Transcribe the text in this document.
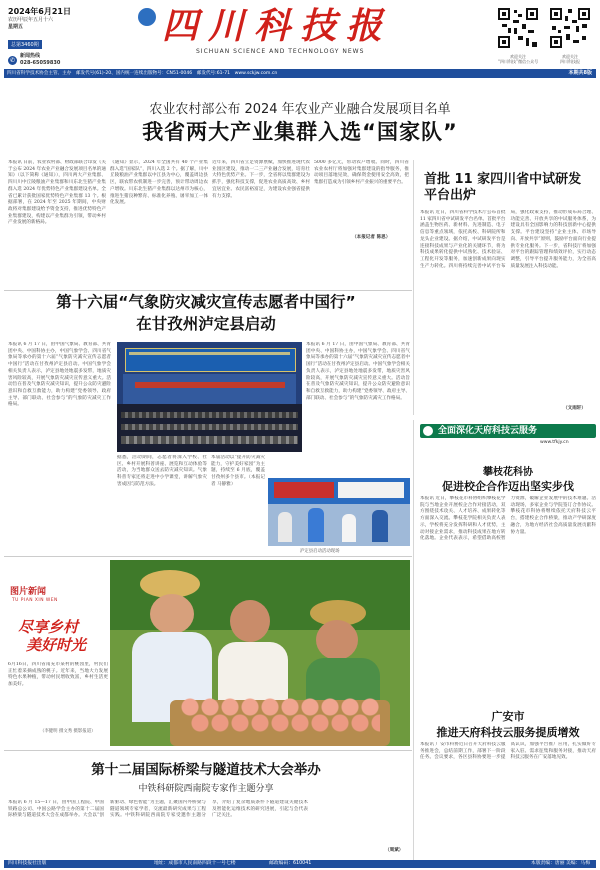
2024年6月21日
农历甲辰年五月十六
星期五
总第3460期
✆
新闻热线
028-65059830
四川科技报
SICHUAN SCIENCE AND TECHNOLOGY NEWS
欢迎关注
“四川科技”微信公众号
欢迎关注
四川科技报
四川省科学技术协会主管、主办　邮发代号(61)-20、国内统一连续出版物号：CN51-0046　邮发代号:61-71　www.sckjw.com.cn	本期共8版
农业农村部公布 2024 年农业产业融合发展项目名单
我省两大产业集群入选“国家队”
本报讯 日前，农业农村部、财政部联合印发《关于公布 2024 年农业产业融合发展项目名单的通知》（以下简称《通知》），四川两大产业集群、四川川中丘陵粮油产业集群和川东北生猪产业集群入选 2024 年优势特色产业集群建设名单。全省已累计获批国家优势特色产业集群 13 个。根据部署，在 2024 年至 2025 年期间，中央财政将对集群建设给予资金支持，推进优势特色产业集群建设，构建以产业集群为引领，带动乡村产业发展的新格局。
《通知》显示，2024 年全国共有 40 个产业集群入选“国家队”，四川入选 2 个。据了解，川中丘陵粮油产业集群以中江县为中心，覆盖周边县区，联农带农机制进一步完善，预计带动周边农户增收。川东北生猪产业集群以达州市为核心，推进生猪良种繁育、标准化养殖、屠宰加工一体化发展。
近年来，四川省立足资源禀赋，加快推进现代农业园区建设，推动一二三产业融合发展，培育壮大特色优势产业。下一步，全省将以集群建设为抓手，强化科技支撑，促进农业高质高效、乡村宜居宜业、农民富裕富足，为建设农业强省提供有力支撑。
5000 多亿元，带动农户增收。同时，四川省农业农村厅将加强对集群建设的指导服务，推动项目落地见效，确保资金使用安全高效，把集群打造成为引领乡村产业振兴的重要平台。
（本报记者 陈思）
首批 11 家四川省中试研发平台出炉
本报讯 近日，四川省科学技术厅公布首批 11 家四川省中试研发平台名单。首批平台涵盖生物医药、新材料、先进制造、电子信息等重点领域，依托高校、科研院所和龙头企业建设。据介绍，中试研发平台是连接科技成果与产业化的关键环节，将为科技成果转化提供中试熟化、技术验证、工程化开发等服务，加速创新成果向现实生产力转化。四川将持续完善中试平台布局，强化政策支持，推动形成布局合理、功能完善、开放共享的中试服务体系，为建设具有全国影响力的科技创新中心提供支撑。平台建设坚持“企业主体、市场导向、开放共享”原则，鼓励平台面向行业提供专业化服务。下一步，省科技厅将加强对平台的跟踪管理和绩效评价，实行动态调整，引导平台提升服务能力，为全省高质量发展注入科技动能。
（文雨轩）
第十六届“气象防灾减灾宣传志愿者中国行”
在甘孜州泸定县启动
本报讯 6 月 17 日，由中国气象局、教育部、共青团中央、中国科协主办，中国气象学会、四川省气象局等承办的第十六届“气象防灾减灾宣传志愿者中国行”活动在甘孜州泸定县启动。中国气象学会相关负责人表示，泸定县地处地震多发带，地质灾害风险较高，开展气象防灾减灾宣传意义重大。活动旨在普及气象防灾减灾知识，提升公众防灾避险意识和自救互救能力，助力构建“党委领导、政府主导、部门联动、社会参与”的气象防灾减灾工作格局。
据悉，活动期间，志愿者将深入学校、社区、乡村开展科普讲座、展览和互动体验等活动，为当地群众送去防灾减灾知识。气象科普专家还将走进中小学课堂，讲解气象灾害成因与防范方法。
本届活动以“提升防灾减灾能力，守护美好家园”为主题，持续至 6 月底，覆盖甘孜州多个县市。（本报记者 马静雅）
本报讯 6 月 17 日，由中国气象局、教育部、共青团中央、中国科协主办，中国气象学会、四川省气象局等承办的第十六届“气象防灾减灾宣传志愿者中国行”活动在甘孜州泸定县启动。中国气象学会相关负责人表示，泸定县地处地震多发带，地质灾害风险较高，开展气象防灾减灾宣传意义重大。活动旨在普及气象防灾减灾知识，提升公众防灾避险意识和自救互救能力，助力构建“党委领导、政府主导、部门联动、社会参与”的气象防灾减灾工作格局。
泸定县启动活动现场
全面深化天府科技云服务
www.tfkjy.cn
攀枝花科协
促进校企合作迈出坚实步伐
本报讯 近日，攀枝花市科协组织攀枝花学院与当地企业开展校企合作对接活动，双方围绕技术攻关、人才培养、成果转化等方面深入交流。攀枝花学院相关负责人表示，学校将充分发挥科研和人才优势，主动对接企业需求，推动科技成果在地方转化落地。企业代表表示，希望借助高校智力资源，破解企业发展中的技术难题。活动现场，多家企业与学院签订合作协议。攀枝花市科协将继续依托天府科技云平台，搭建校企合作桥梁，推动产学研深度融合，为地方经济社会高质量发展贡献科协力量。
广安市
推进天府科技云服务提质增效
本报讯 广安市科协近日召开天府科技云服务推进会，总结前期工作，部署下一阶段任务。会议要求，各区县科协要进一步提高认识，加强平台推广应用，扎实做好专家入驻、需求征集和服务对接，推动天府科技云服务在广安落地见效。
图片新闻
TU PIAN XIN WEN
尽享乡村
美好时光
6月16日，四川省南充市某村的桃园里，村民们正忙着采摘成熟的桃子。近年来，当地大力发展特色水果种植，带动村民增收致富，乡村生活更加美好。
（李健明 摄文秀 摄影报道）
第十二届国际桥梁与隧道技术大会举办
中铁科研院西南院专家作主题分享
本报讯 6 月 15—17 日，由中国工程院、中国铁路总公司、中国公路学会主办的第十二届国际桥梁与隧道技术大会在成都举办。大会以“创新驱动、绿色智能”为主题，汇聚国内外桥梁与隧道领域专家学者，交流最新研究成果与工程实践。中铁科研院西南院专家受邀作主题分享，介绍了复杂地质条件下隧道建设关键技术及智能化运维技术的研究进展，引起与会代表广泛关注。
（周斌）
四川科技报社出版	地址：成都市人民南路四段十一号七楼	邮政编码：610041	本版责编：唐丽 美编：马梅
